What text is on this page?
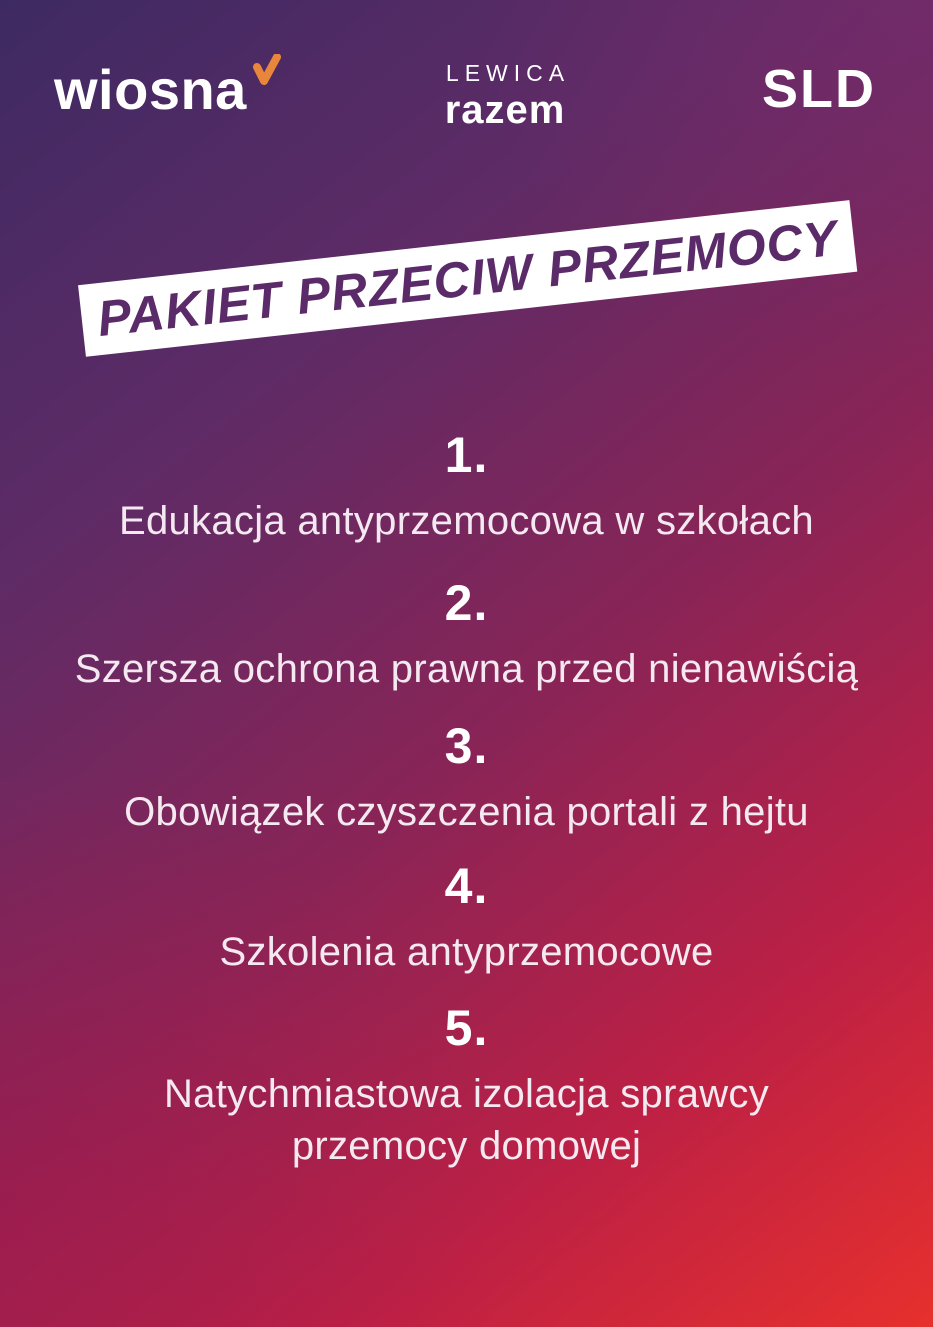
wiosna	LEWICA
razem	SLD
PAKIET PRZECIW PRZEMOCY
1.
Edukacja antyprzemocowa w szkołach
2.
Szersza ochrona prawna przed nienawiścią
3.
Obowiązek czyszczenia portali z hejtu
4.
Szkolenia antyprzemocowe
5.
Natychmiastowa izolacja sprawcy przemocy domowej
